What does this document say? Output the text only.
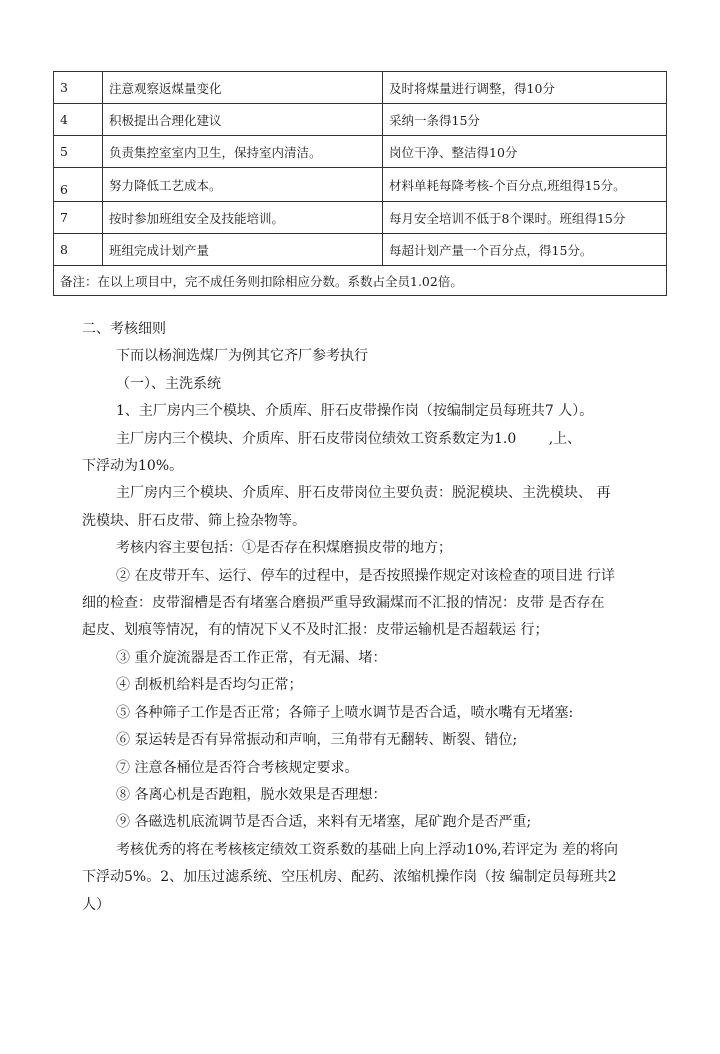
3	注意观察返煤量变化	及时将煤量进行调整，得10分
4	积极提出合理化建议	采纳一条得15分
5	负责集控室室内卫生，保持室内清洁。	岗位干净、整洁得10分
6	努力降低工艺成本。	材料单耗每降考核-个百分点,班组得15分。
7	按时参加班组安全及技能培训。	每月安全培训不低于8个课时。班组得15分
8	班组完成计划产量	每超计划产量一个百分点，得15分。
备注：在以上项目中，完不成任务则扣除相应分数。系数占全员1.02倍。		

二、考核细则

下而以杨涧选煤厂为例其它齐厂参考执行

（一）、主洗系统

1、主厂房内三个模块、介质库、肝石皮带操作岗（按编制定员每班共7 人）。

主厂房内三个模块、介质库、肝石皮带岗位绩效工资系数定为1.0 　　,上、

下浮动为10%。

主厂房内三个模块、介质库、肝石皮带岗位主要负责：脱泥模块、主洗模块、 再

洗模块、肝石皮带、筛上捡杂物等。

考核内容主要包括：①是否存在积煤磨损皮带的地方；

② 在皮带开车、运行、停车的过程中，是否按照操作规定对该检查的项目进 行详

细的检查：皮带溜槽是否有堵塞合磨损严重导致漏煤而不汇报的情况：皮带 是否存在

起皮、划痕等情况，有的情况下乂不及时汇报：皮带运输机是否超载运 行；

③ 重介旋流器是否工作正常，有无漏、堵：

④ 刮板机给料是否均匀正常；

⑤ 各种筛子工作是否正常；各筛子上喷水调节是否合适，喷水嘴有无堵塞:

⑥ 泵运转是否有异常振动和声响，三角带有无翻转、断裂、错位;

⑦ 注意各桶位是否符合考核规定要求。

⑧ 各离心机是否跑粗，脱水效果是否理想：

⑨ 各磁选机底流调节是否合适，来料有无堵塞，尾矿跑介是否严重;

考核优秀的将在考核核定绩效工资系数的基础上向上浮动10%,若评定为 差的将向

下浮动5%。2、加压过滤系统、空压机房、配药、浓缩机操作岗（按 编制定员每班共2

人）
